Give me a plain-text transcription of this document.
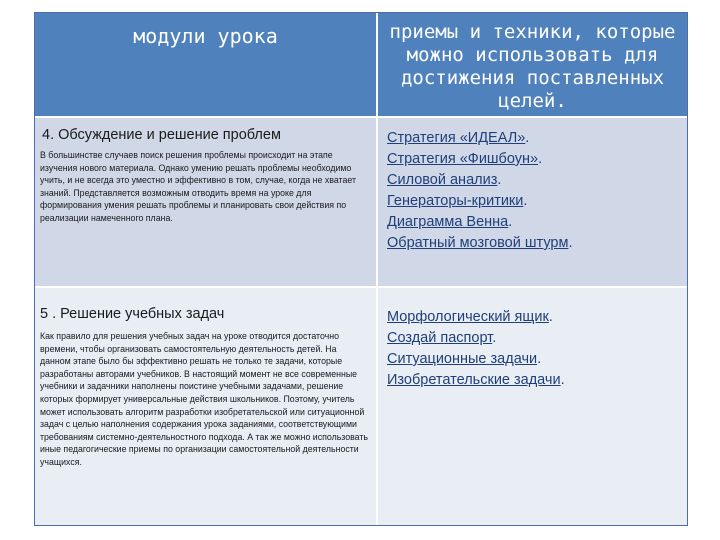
модули урока	приемы и техники, которые можно использовать для достижения поставленных целей.
4. Обсуждение и решение проблем
В большинстве случаев поиск решения проблемы происходит на этапе изучения нового материала. Однако умению решать проблемы необходимо учить, и не всегда это уместно и эффективно в том, случае, когда не хватает знаний. Представляется возможным отводить время на уроке для формирования умения решать проблемы и планировать свои действия по реализации намеченного плана.
Стратегия «ИДЕАЛ».
Стратегия «Фишбоун».
Силовой анализ.
Генераторы-критики.
Диаграмма Венна.
Обратный мозговой штурм.
5 . Решение учебных задач
Как правило для решения учебных задач на уроке отводится достаточно времени, чтобы организовать самостоятельную деятельность детей. На данном этапе было бы эффективно решать не только те задачи, которые разработаны авторами учебников. В настоящий момент не все современные учебники и задачники наполнены поистине учебными задачами, решение которых формирует универсальные действия школьников. Поэтому, учитель может использовать алгоритм разработки изобретательской или ситуационной задач с целью наполнения содержания урока заданиями, соответствующими требованиям системно-деятельностного подхода. А так же можно использовать иные педагогические приемы по организации самостоятельной деятельности учащихся.
Морфологический ящик.
Создай паспорт.
Ситуационные задачи.
Изобретательские задачи.
